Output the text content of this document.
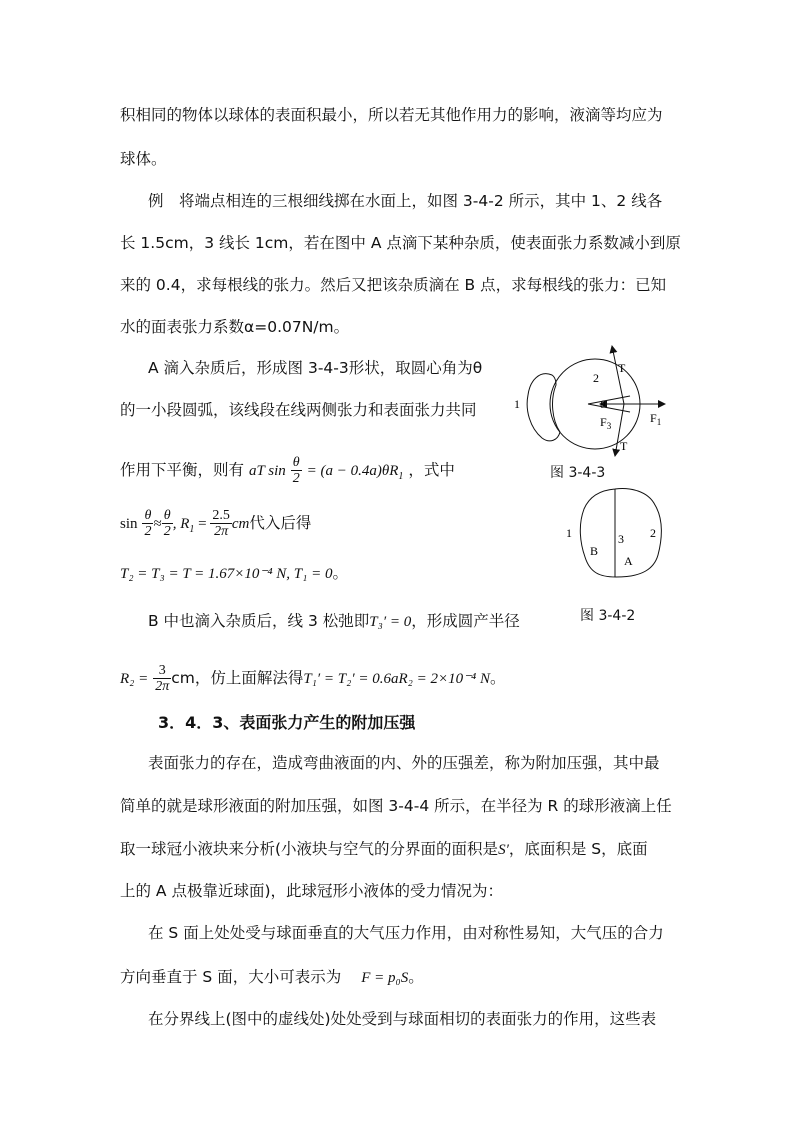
积相同的物体以球体的表面积最小，所以若无其他作用力的影响，液滴等均应为
球体。
例　将端点相连的三根细线掷在水面上，如图 3-4-2 所示，其中 1、2 线各
长 1.5cm，3 线长 1cm，若在图中 A 点滴下某种杂质，使表面张力系数减小到原
来的 0.4，求每根线的张力。然后又把该杂质滴在 B 点，求每根线的张力：已知
水的面表张力系数α=0.07N/m。
A 滴入杂质后，形成图 3-4-3形状，取圆心角为θ
的一小段圆弧，该线段在线两侧张力和表面张力共同
作用下平衡，则有 aT $\sin \frac{\theta}{2} = (a - 0.4a)\theta R_1$ ，式中
$\sin \frac{\theta}{2} \approx \frac{\theta}{2}$ , $R_1 = \frac{2.5}{2\pi}$ cm代入后得
T₂ = T₃ = T = 1.67×10⁻⁴ N, T₁ = 0。
B 中也滴入杂质后，线 3 松弛即T₃′ = 0，形成圆产半径
$R_2 = \frac{3}{2\pi}$ cm，仿上面解法得T₁′ = T₂′ = 0.6aR₂ = 2×10⁻⁴ N。
3．4．3、表面张力产生的附加压强
表面张力的存在，造成弯曲液面的内、外的压强差，称为附加压强，其中最
简单的就是球形液面的附加压强，如图 3-4-4 所示，在半径为 R 的球形液滴上任
取一球冠小液块来分析(小液块与空气的分界面的面积是S′，底面积是 S，底面
上的 A 点极靠近球面)，此球冠形小液体的受力情况为：
在 S 面上处处受与球面垂直的大气压力作用，由对称性易知，大气压的合力
方向垂直于 S 面，大小可表示为 F = p₀S。
在分界线上(图中的虚线处)处处受到与球面相切的表面张力的作用，这些表
1
2
T
T
θ
$F_1$
$F_3$
图 3-4-3
1	2
3
B
A
图 3-4-2
